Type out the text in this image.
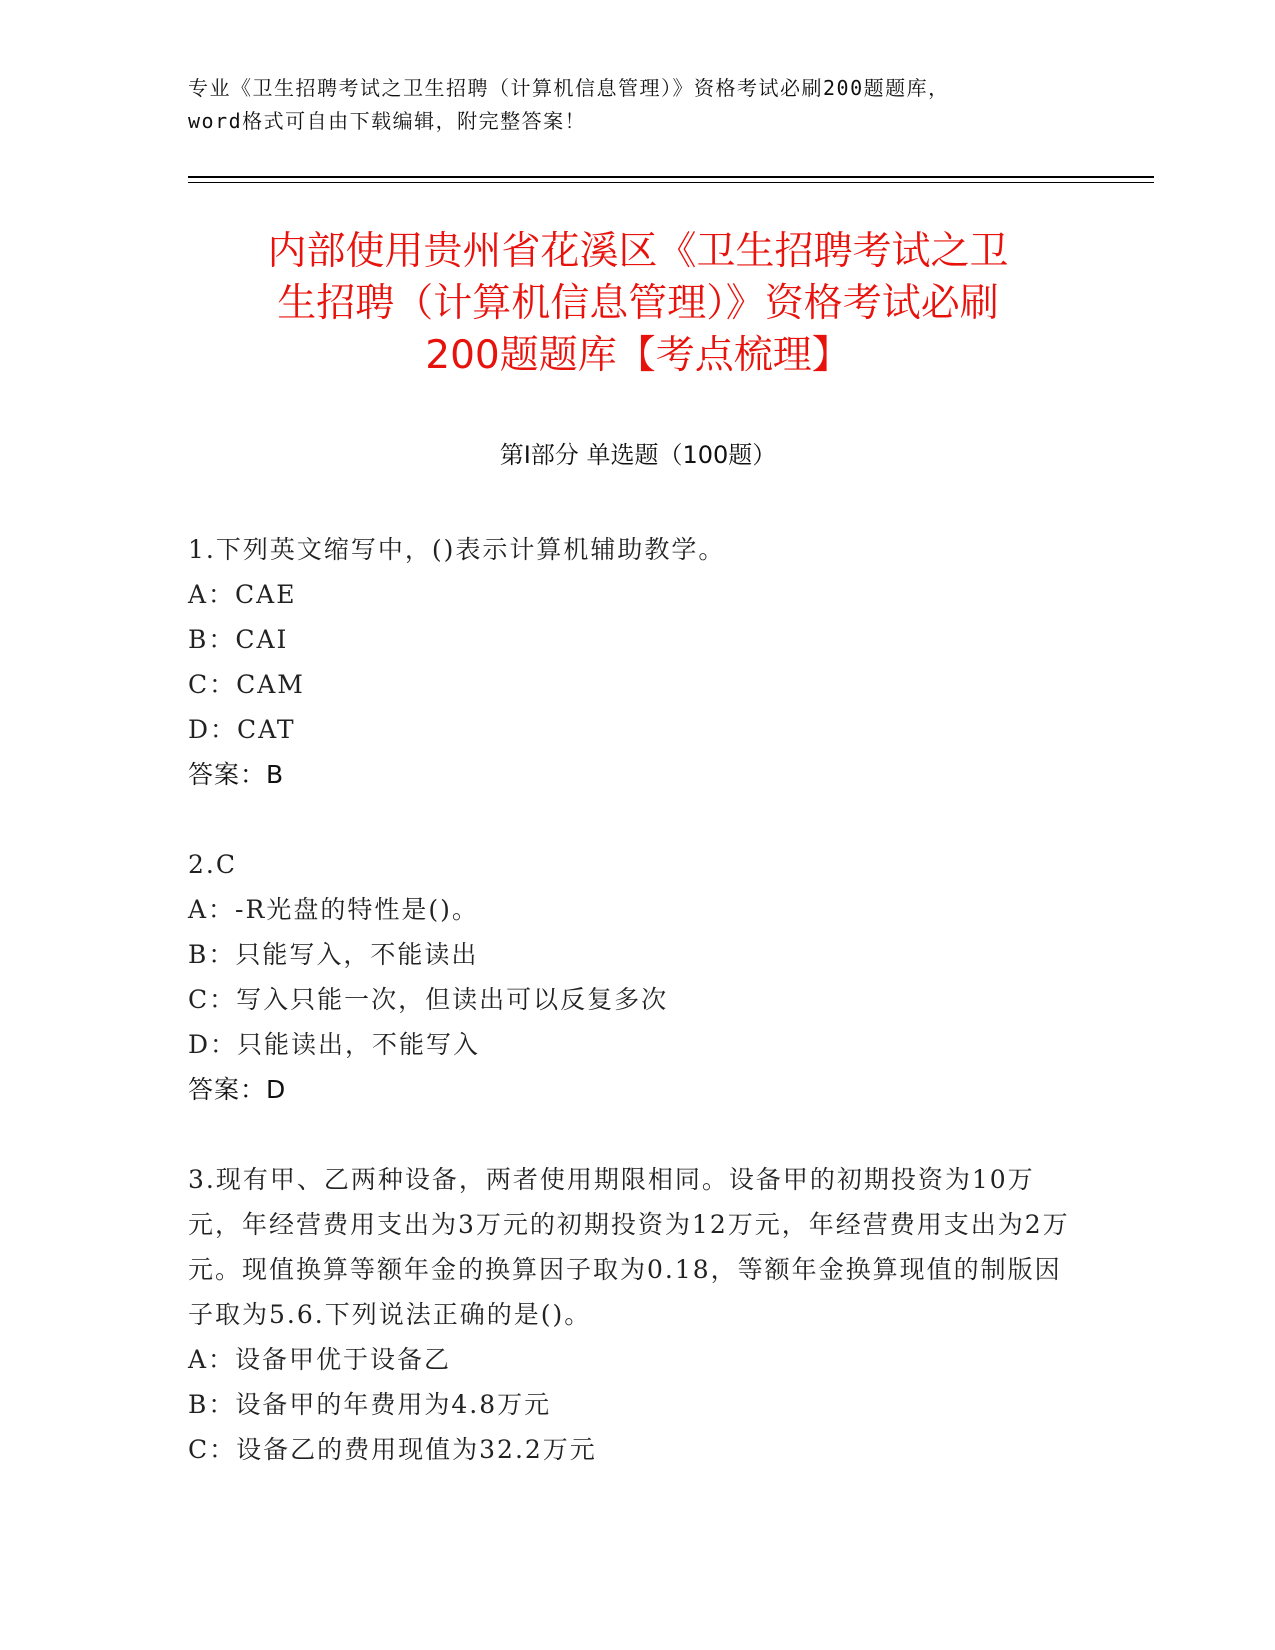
专业《卫生招聘考试之卫生招聘（计算机信息管理）》资格考试必刷200题题库，
word格式可自由下载编辑，附完整答案！
内部使用贵州省花溪区《卫生招聘考试之卫
生招聘（计算机信息管理）》资格考试必刷
200题题库【考点梳理】
第Ⅰ部分 单选题（100题）
1.下列英文缩写中，()表示计算机辅助教学。
A：CAE
B：CAI
C：CAM
D：CAT
答案：B
2.C
A：-R光盘的特性是()。
B：只能写入，不能读出
C：写入只能一次，但读出可以反复多次
D：只能读出，不能写入
答案：D
3.现有甲、乙两种设备，两者使用期限相同。设备甲的初期投资为10万元，年经营费用支出为3万元的初期投资为12万元，年经营费用支出为2万元。现值换算等额年金的换算因子取为0.18，等额年金换算现值的制版因子取为5.6.下列说法正确的是()。
A：设备甲优于设备乙
B：设备甲的年费用为4.8万元
C：设备乙的费用现值为32.2万元
